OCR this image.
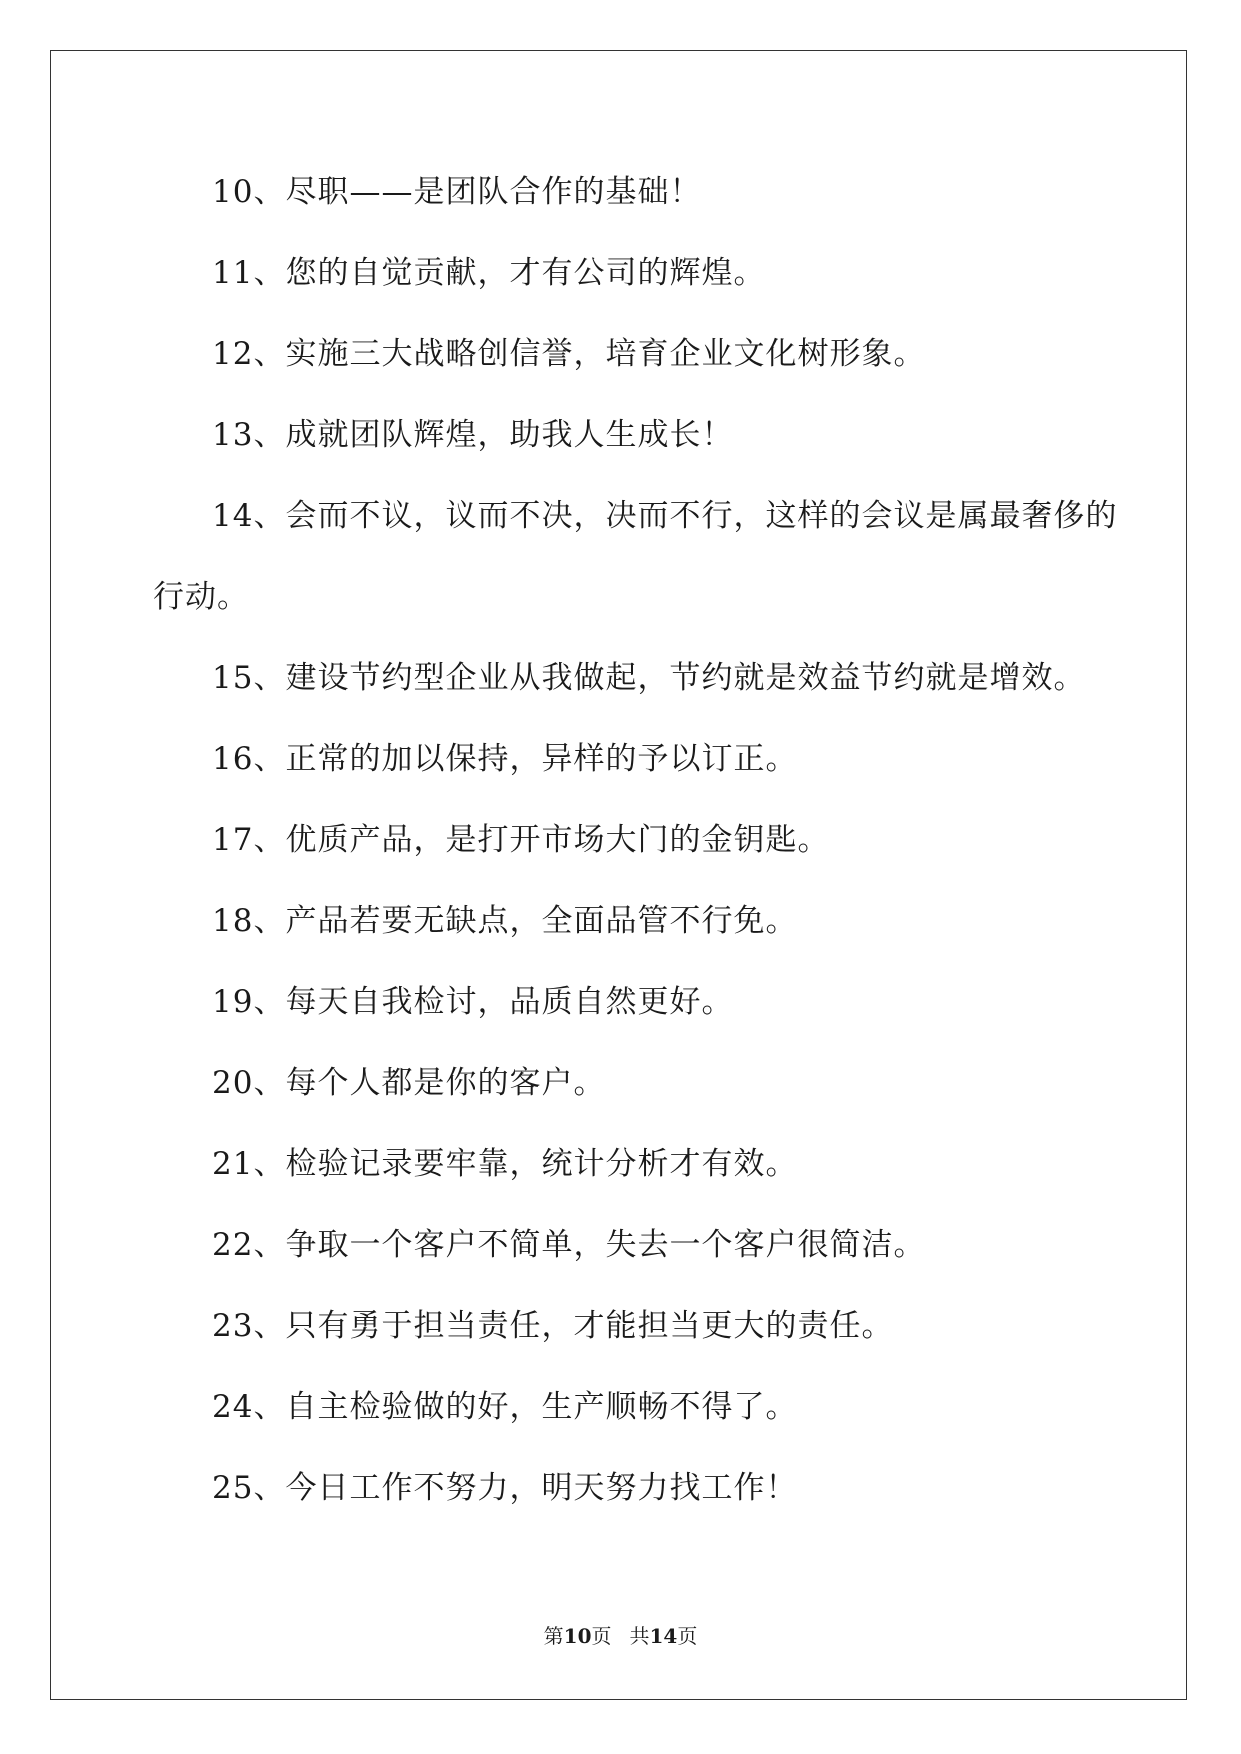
10、尽职——是团队合作的基础！
11、您的自觉贡献，才有公司的辉煌。
12、实施三大战略创信誉，培育企业文化树形象。
13、成就团队辉煌，助我人生成长！
14、会而不议，议而不决，决而不行，这样的会议是属最奢侈的
行动。
15、建设节约型企业从我做起，节约就是效益节约就是增效。
16、正常的加以保持，异样的予以订正。
17、优质产品，是打开市场大门的金钥匙。
18、产品若要无缺点，全面品管不行免。
19、每天自我检讨，品质自然更好。
20、每个人都是你的客户。
21、检验记录要牢靠，统计分析才有效。
22、争取一个客户不简单，失去一个客户很简洁。
23、只有勇于担当责任，才能担当更大的责任。
24、自主检验做的好，生产顺畅不得了。
25、今日工作不努力，明天努力找工作！
第10页 共14页
